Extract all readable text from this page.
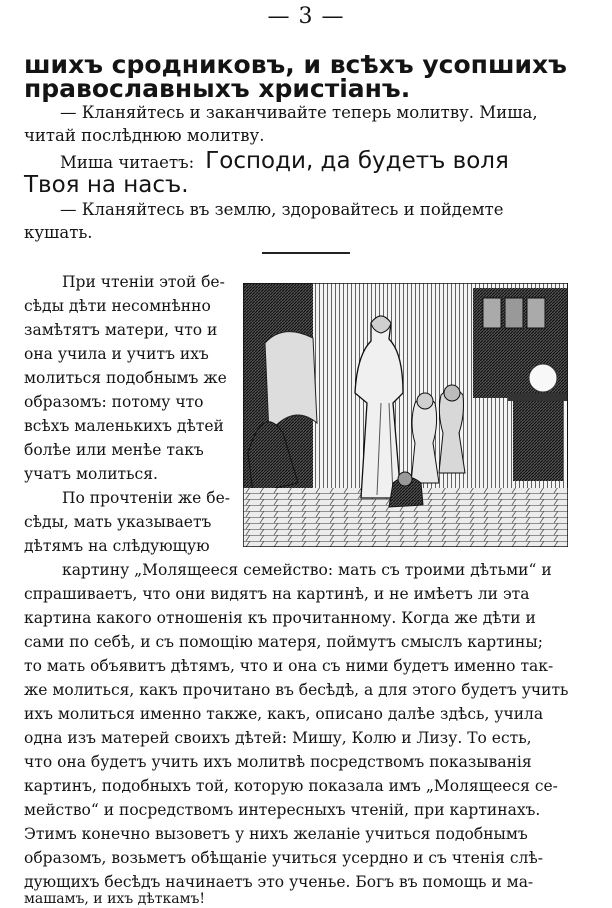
— 3 —
шихъ сродниковъ, и всѣхъ усопшихъ
православныхъ христіанъ.
— Кланяйтесь и заканчивайте теперь молитву. Миша,
читай послѣднюю молитву.
Миша читаетъ: Господи, да будетъ воля
Твоя на насъ.
— Кланяйтесь въ землю, здоровайтесь и пойдемте
кушать.
При чтеніи этой бе-
сѣды дѣти несомнѣнно
замѣтятъ матери, что и
она учила и учитъ ихъ
молиться подобнымъ же
образомъ: потому что
всѣхъ маленькихъ дѣтей
болѣе или менѣе такъ
учатъ молиться.
По прочтеніи же бе-
сѣды, мать указываетъ
дѣтямъ на слѣдующую
картину „Молящееся семейство: мать съ троими дѣтьми“ и
спрашиваетъ, что они видятъ на картинѣ, и не имѣетъ ли эта
картина какого отношенія къ прочитанному. Когда же дѣти и
сами по себѣ, и съ помощію матеря, поймутъ смыслъ картины;
то мать объявитъ дѣтямъ, что и она съ ними будетъ именно так-
же молиться, какъ прочитано въ бесѣдѣ, а для этого будетъ учить
ихъ молиться именно также, какъ, описано далѣе здѣсь, учила
одна изъ матерей своихъ дѣтей: Мишу, Колю и Лизу. То есть,
что она будетъ учить ихъ молитвѣ посредствомъ показыванія
картинъ, подобныхъ той, которую показала имъ „Молящееся се-
мейство“ и посредствомъ интересныхъ чтеній, при картинахъ.
Этимъ конечно вызоветъ у нихъ желаніе учиться подобнымъ
образомъ, возьметъ обѣщаніе учиться усердно и съ чтенія слѣ-
дующихъ бесѣдъ начинаетъ это ученье. Богъ въ помощь и ма-
машамъ, и ихъ дѣткамъ!
